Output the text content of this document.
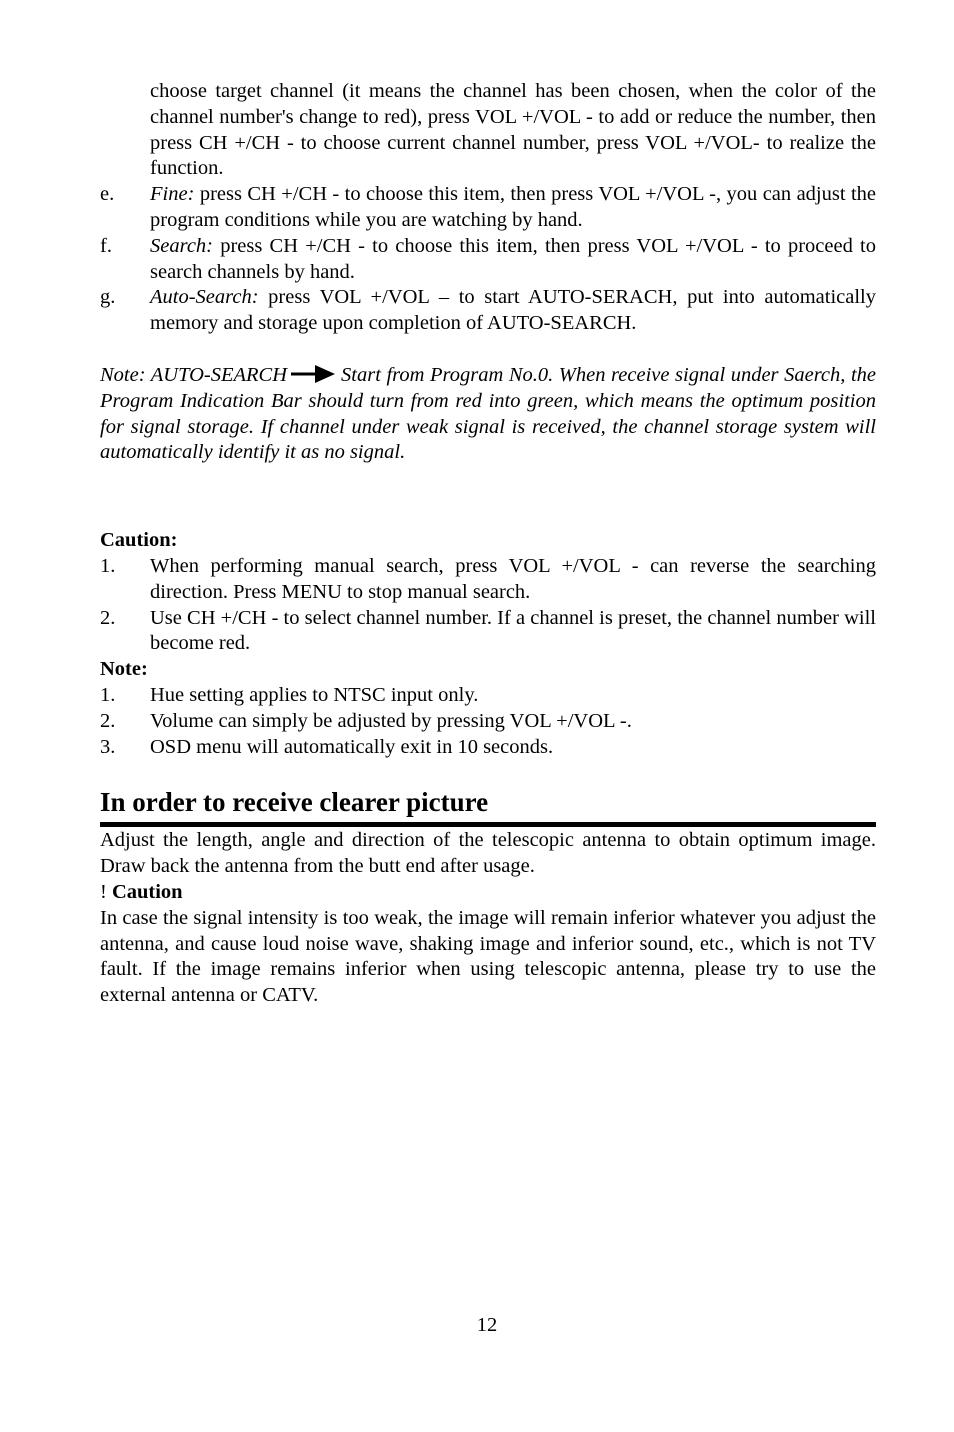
choose target channel (it means the channel has been chosen, when the color of the channel number's change to red), press VOL +/VOL - to add or reduce the number, then press CH +/CH - to choose current channel number, press VOL +/VOL- to realize the function.
e.	Fine: press CH +/CH - to choose this item, then press VOL +/VOL -, you can adjust the program conditions while you are watching by hand.
f.	Search: press CH +/CH - to choose this item, then press VOL +/VOL - to proceed to search channels by hand.
g.	Auto-Search: press VOL +/VOL – to start AUTO-SERACH, put into automatically memory and storage upon completion of AUTO-SEARCH.
Note: AUTO-SEARCH	Start from Program No.0. When receive signal under Saerch, the Program Indication Bar should turn from red into green, which means the optimum position for signal storage. If channel under weak signal is received, the channel storage system will automatically identify it as no signal.
Caution:
1.	When performing manual search, press VOL +/VOL - can reverse the searching direction. Press MENU to stop manual search.
2.	Use CH +/CH - to select channel number. If a channel is preset, the channel number will become red.
Note:
1.	Hue setting applies to NTSC input only.
2.	Volume can simply be adjusted by pressing VOL +/VOL -.
3.	OSD menu will automatically exit in 10 seconds.
In order to receive clearer picture
Adjust the length, angle and direction of the telescopic antenna to obtain optimum image. Draw back the antenna from the butt end after usage.
! Caution
In case the signal intensity is too weak, the image will remain inferior whatever you adjust the antenna, and cause loud noise wave, shaking image and inferior sound, etc., which is not TV fault. If the image remains inferior when using telescopic antenna, please try to use the external antenna or CATV.
12
